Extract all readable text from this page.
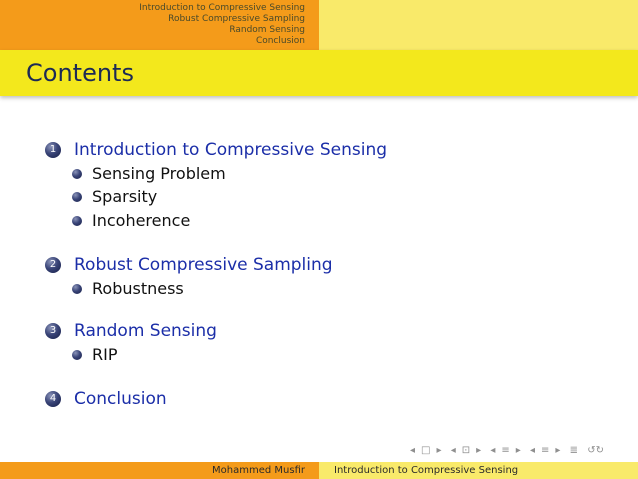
Introduction to Compressive Sensing
Robust Compressive Sampling
Random Sensing
Conclusion
Contents
1 Introduction to Compressive Sensing
Sensing Problem
Sparsity
Incoherence
2 Robust Compressive Sampling
Robustness
3 Random Sensing
RIP
4 Conclusion
◂ □ ▸ ◂ ⊡ ▸ ◂ ≡ ▸ ◂ ≡ ▸ ≣ ↺↻
Mohammed Musfir	Introduction to Compressive Sensing
